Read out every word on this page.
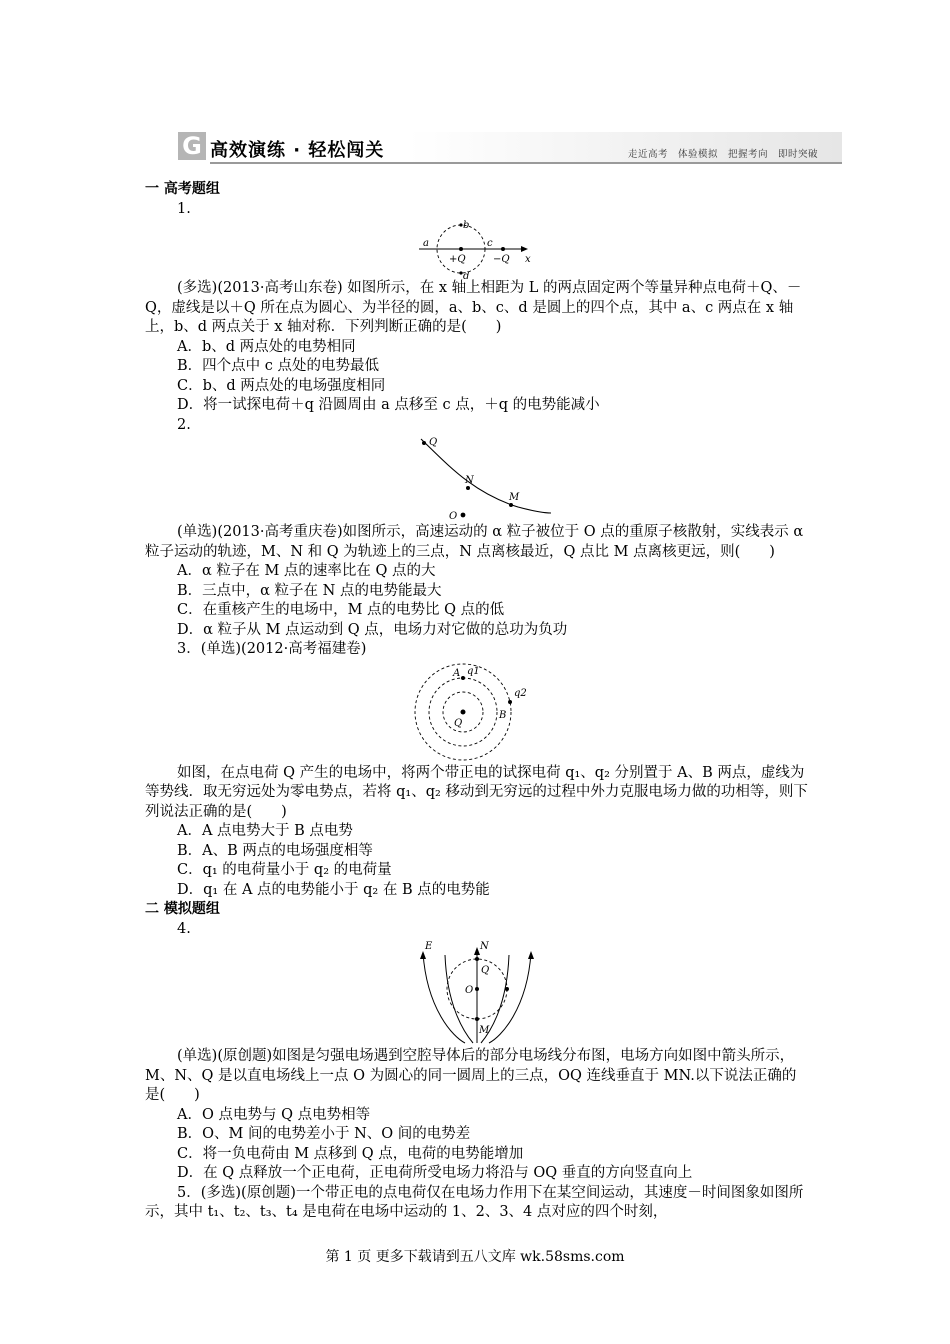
G 高效演练 · 轻松闯关	走近高考　体验模拟　把握考向　即时突破

一 高考题组

1.

a
b
c
d
+Q	−Q x

(多选)(2013·高考山东卷) 如图所示，在 x 轴上相距为 L 的两点固定两个等量异种点电荷＋Q、－Q，虚线是以＋Q 所在点为圆心、为半径的圆，a、b、c、d 是圆上的四个点，其中 a、c 两点在 x 轴上，b、d 两点关于 x 轴对称．下列判断正确的是(　　)

A．b、d 两点处的电势相同

B．四个点中 c 点处的电势最低

C．b、d 两点处的电场强度相同

D．将一试探电荷＋q 沿圆周由 a 点移至 c 点，＋q 的电势能减小

2.

Q
N
M
O

(单选)(2013·高考重庆卷)如图所示，高速运动的 α 粒子被位于 O 点的重原子核散射，实线表示 α 粒子运动的轨迹，M、N 和 Q 为轨迹上的三点，N 点离核最近，Q 点比 M 点离核更远，则(　　)

A．α 粒子在 M 点的速率比在 Q 点的大

B．三点中，α 粒子在 N 点的电势能最大

C．在重核产生的电场中，M 点的电势比 Q 点的低

D．α 粒子从 M 点运动到 Q 点，电场力对它做的总功为负功

3．(单选)(2012·高考福建卷)

A q1
B
q2
Q

如图，在点电荷 Q 产生的电场中，将两个带正电的试探电荷 q₁、q₂ 分别置于 A、B 两点，虚线为等势线．取无穷远处为零电势点，若将 q₁、q₂ 移动到无穷远的过程中外力克服电场力做的功相等，则下列说法正确的是(　　)

A．A 点电势大于 B 点电势

B．A、B 两点的电场强度相等

C．q₁ 的电荷量小于 q₂ 的电荷量

D．q₁ 在 A 点的电势能小于 q₂ 在 B 点的电势能

二 模拟题组

4.

E	N
Q
O
M

(单选)(原创题)如图是匀强电场遇到空腔导体后的部分电场线分布图，电场方向如图中箭头所示，M、N、Q 是以直电场线上一点 O 为圆心的同一圆周上的三点，OQ 连线垂直于 MN.以下说法正确的是(　　)

A．O 点电势与 Q 点电势相等

B．O、M 间的电势差小于 N、O 间的电势差

C．将一负电荷由 M 点移到 Q 点，电荷的电势能增加

D．在 Q 点释放一个正电荷，正电荷所受电场力将沿与 OQ 垂直的方向竖直向上

5．(多选)(原创题)一个带正电的点电荷仅在电场力作用下在某空间运动，其速度－时间图象如图所示，其中 t₁、t₂、t₃、t₄ 是电荷在电场中运动的 1、2、3、4 点对应的四个时刻，

第 1 页 更多下载请到五八文库 wk.58sms.com
